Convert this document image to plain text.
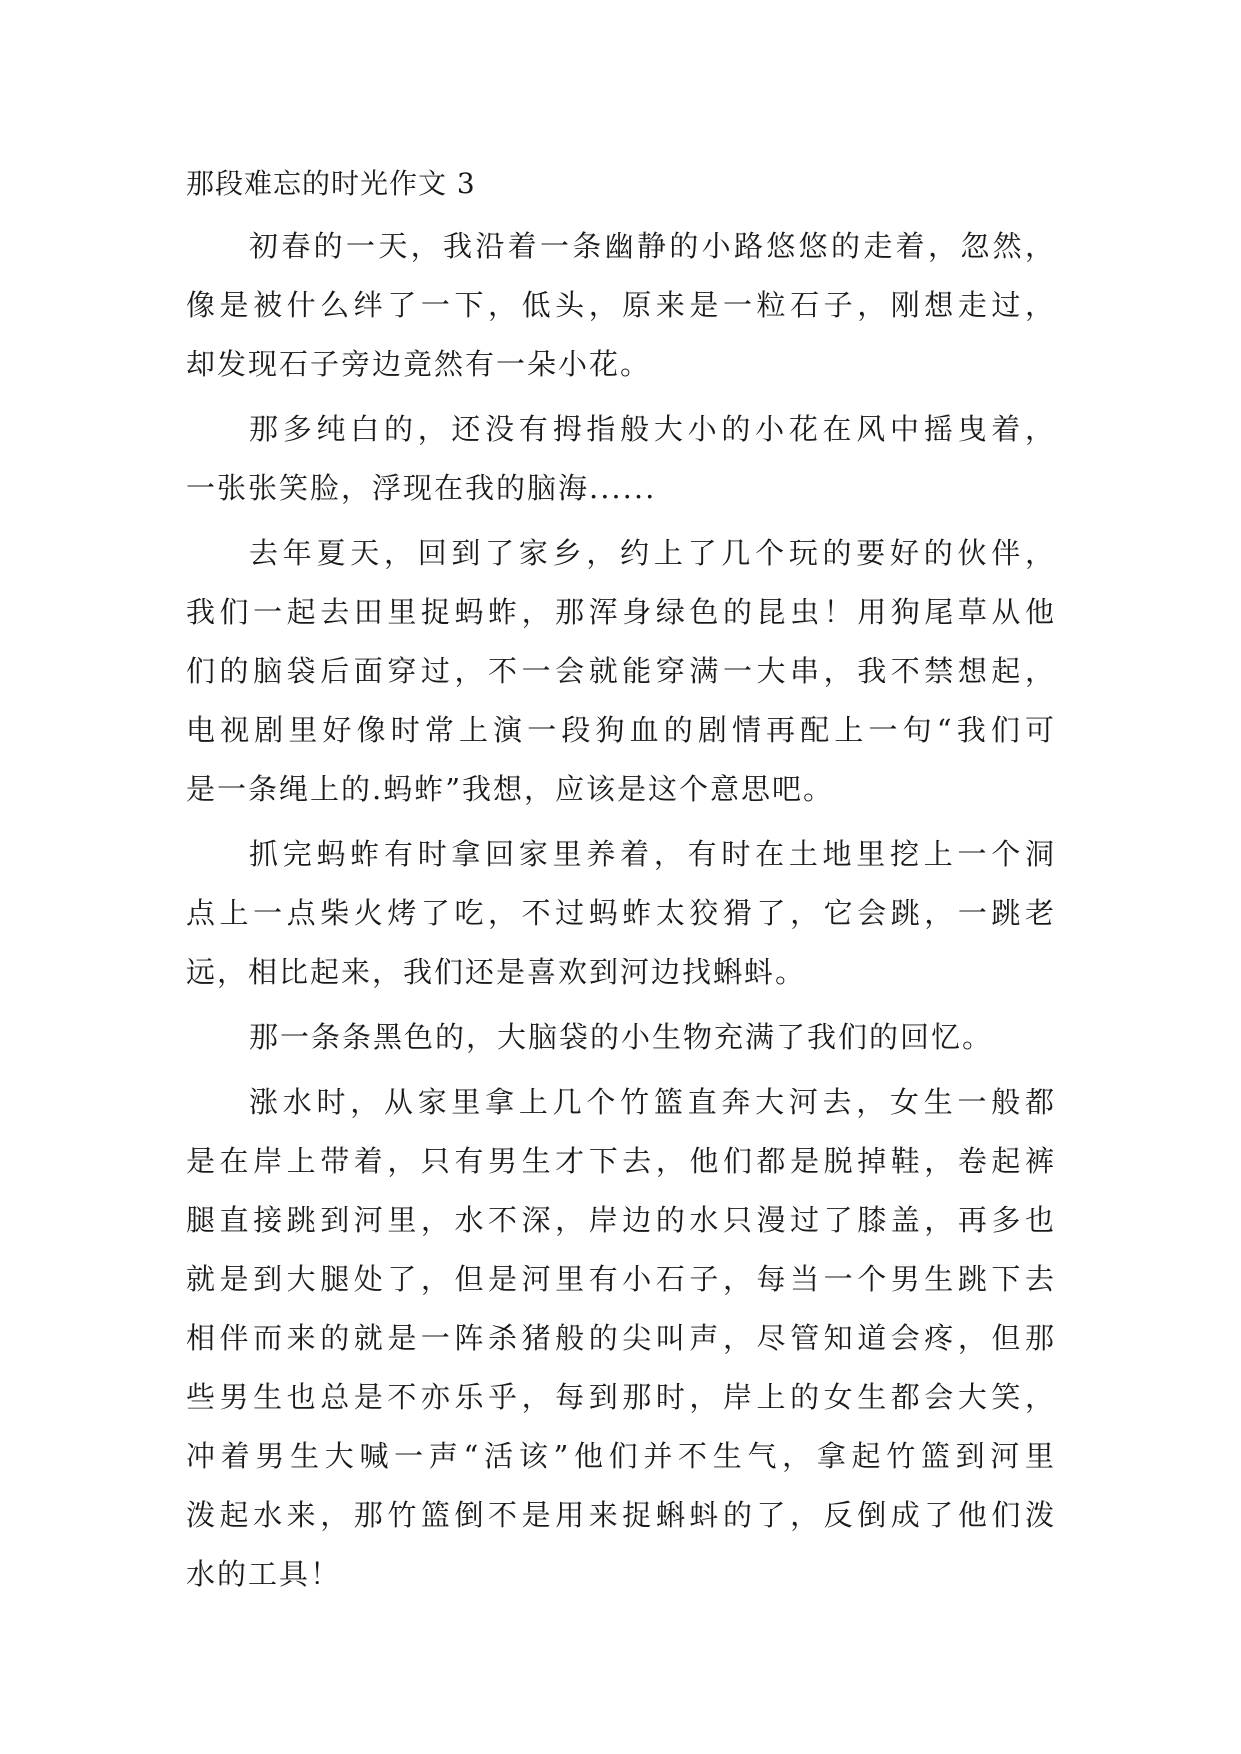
那段难忘的时光作文 3

初春的一天，我沿着一条幽静的小路悠悠的走着，忽然，
像是被什么绊了一下，低头，原来是一粒石子，刚想走过，
却发现石子旁边竟然有一朵小花。

那多纯白的，还没有拇指般大小的小花在风中摇曳着，
一张张笑脸，浮现在我的脑海......

去年夏天，回到了家乡，约上了几个玩的要好的伙伴，
我们一起去田里捉蚂蚱，那浑身绿色的昆虫！用狗尾草从他
们的脑袋后面穿过，不一会就能穿满一大串，我不禁想起，
电视剧里好像时常上演一段狗血的剧情再配上一句“我们可
是一条绳上的.蚂蚱”我想，应该是这个意思吧。

抓完蚂蚱有时拿回家里养着，有时在土地里挖上一个洞
点上一点柴火烤了吃，不过蚂蚱太狡猾了，它会跳，一跳老
远，相比起来，我们还是喜欢到河边找蝌蚪。

那一条条黑色的，大脑袋的小生物充满了我们的回忆。

涨水时，从家里拿上几个竹篮直奔大河去，女生一般都
是在岸上带着，只有男生才下去，他们都是脱掉鞋，卷起裤
腿直接跳到河里，水不深，岸边的水只漫过了膝盖，再多也
就是到大腿处了，但是河里有小石子，每当一个男生跳下去
相伴而来的就是一阵杀猪般的尖叫声，尽管知道会疼，但那
些男生也总是不亦乐乎，每到那时，岸上的女生都会大笑，
冲着男生大喊一声“活该”他们并不生气，拿起竹篮到河里
泼起水来，那竹篮倒不是用来捉蝌蚪的了，反倒成了他们泼
水的工具！
